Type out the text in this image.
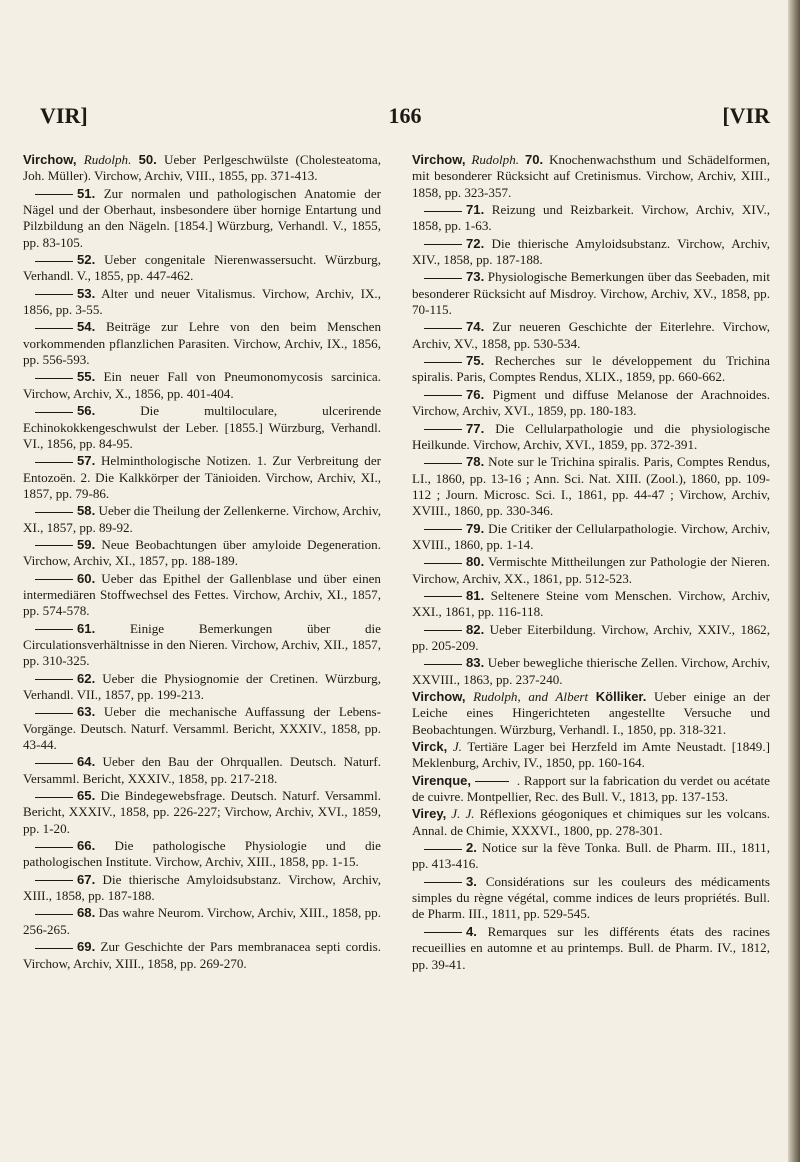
VIR]	166	[VIR
Virchow, Rudolph. 50. Ueber Perlgeschwülste (Cholesteatoma, Joh. Müller). Virchow, Archiv, VIII., 1855, pp. 371-413.
51. Zur normalen und pathologischen Anatomie der Nägel und der Oberhaut, insbesondere über hornige Entartung und Pilzbildung an den Nägeln. [1854.] Würzburg, Verhandl. V., 1855, pp. 83-105.
52. Ueber congenitale Nierenwassersucht. Würzburg, Verhandl. V., 1855, pp. 447-462.
53. Alter und neuer Vitalismus. Virchow, Archiv, IX., 1856, pp. 3-55.
54. Beiträge zur Lehre von den beim Menschen vorkommenden pflanzlichen Parasiten. Virchow, Archiv, IX., 1856, pp. 556-593.
55. Ein neuer Fall von Pneumonomycosis sarcinica. Virchow, Archiv, X., 1856, pp. 401-404.
56.	Die multiloculare, ulcerirende Echinokokkengeschwulst der Leber. [1855.] Würzburg, Verhandl. VI., 1856, pp. 84-95.
57. Helminthologische Notizen. 1. Zur Verbreitung der Entozoën. 2. Die Kalkkörper der Tänioiden. Virchow, Archiv, XI., 1857, pp. 79-86.
58. Ueber die Theilung der Zellenkerne. Virchow, Archiv, XI., 1857, pp. 89-92.
59. Neue Beobachtungen über amyloide Degeneration. Virchow, Archiv, XI., 1857, pp. 188-189.
60. Ueber das Epithel der Gallenblase und über einen intermediären Stoffwechsel des Fettes. Virchow, Archiv, XI., 1857, pp. 574-578.
61.	Einige Bemerkungen über die Circulationsverhältnisse in den Nieren. Virchow, Archiv, XII., 1857, pp. 310-325.
62. Ueber die Physiognomie der Cretinen. Würzburg, Verhandl. VII., 1857, pp. 199-213.
63. Ueber die mechanische Auffassung der Lebens-Vorgänge. Deutsch. Naturf. Versamml. Bericht, XXXIV., 1858, pp. 43-44.
64. Ueber den Bau der Ohrquallen. Deutsch. Naturf. Versamml. Bericht, XXXIV., 1858, pp. 217-218.
65. Die Bindegewebsfrage. Deutsch. Naturf. Versamml. Bericht, XXXIV., 1858, pp. 226-227; Virchow, Archiv, XVI., 1859, pp. 1-20.
66. Die pathologische Physiologie und die pathologischen Institute. Virchow, Archiv, XIII., 1858, pp. 1-15.
67. Die thierische Amyloidsubstanz. Virchow, Archiv, XIII., 1858, pp. 187-188.
68. Das wahre Neurom. Virchow, Archiv, XIII., 1858, pp. 256-265.
69. Zur Geschichte der Pars membranacea septi cordis. Virchow, Archiv, XIII., 1858, pp. 269-270.
Virchow, Rudolph. 70. Knochenwachsthum und Schädelformen, mit besonderer Rücksicht auf Cretinismus. Virchow, Archiv, XIII., 1858, pp. 323-357.
71. Reizung und Reizbarkeit. Virchow, Archiv, XIV., 1858, pp. 1-63.
72. Die thierische Amyloidsubstanz. Virchow, Archiv, XIV., 1858, pp. 187-188.
73. Physiologische Bemerkungen über das Seebaden, mit besonderer Rücksicht auf Misdroy. Virchow, Archiv, XV., 1858, pp. 70-115.
74. Zur neueren Geschichte der Eiterlehre. Virchow, Archiv, XV., 1858, pp. 530-534.
75. Recherches sur le développement du Trichina spiralis. Paris, Comptes Rendus, XLIX., 1859, pp. 660-662.
76. Pigment und diffuse Melanose der Arachnoides. Virchow, Archiv, XVI., 1859, pp. 180-183.
77. Die Cellularpathologie und die physiologische Heilkunde. Virchow, Archiv, XVI., 1859, pp. 372-391.
78. Note sur le Trichina spiralis. Paris, Comptes Rendus, LI., 1860, pp. 13-16 ; Ann. Sci. Nat. XIII. (Zool.), 1860, pp. 109-112 ; Journ. Microsc. Sci. I., 1861, pp. 44-47 ; Virchow, Archiv, XVIII., 1860, pp. 330-346.
79. Die Critiker der Cellularpathologie. Virchow, Archiv, XVIII., 1860, pp. 1-14.
80. Vermischte Mittheilungen zur Pathologie der Nieren. Virchow, Archiv, XX., 1861, pp. 512-523.
81. Seltenere Steine vom Menschen. Virchow, Archiv, XXI., 1861, pp. 116-118.
82. Ueber Eiterbildung. Virchow, Archiv, XXIV., 1862, pp. 205-209.
83. Ueber bewegliche thierische Zellen. Virchow, Archiv, XXVIII., 1863, pp. 237-240.
Virchow, Rudolph, and Albert Kölliker. Ueber einige an der Leiche eines Hingerichteten angestellte Versuche und Beobachtungen. Würzburg, Verhandl. I., 1850, pp. 318-321.
Virck, J. Tertiäre Lager bei Herzfeld im Amte Neustadt. [1849.] Meklenburg, Archiv, IV., 1850, pp. 160-164.
Virenque,	. Rapport sur la fabrication du verdet ou acétate de cuivre. Montpellier, Rec. des Bull. V., 1813, pp. 137-153.
Virey, J. J. Réflexions géogoniques et chimiques sur les volcans. Annal. de Chimie, XXXVI., 1800, pp. 278-301.
2. Notice sur la fève Tonka. Bull. de Pharm. III., 1811, pp. 413-416.
3. Considérations sur les couleurs des médicaments simples du règne végétal, comme indices de leurs propriétés. Bull. de Pharm. III., 1811, pp. 529-545.
4. Remarques sur les différents états des racines recueillies en automne et au printemps. Bull. de Pharm. IV., 1812, pp. 39-41.
